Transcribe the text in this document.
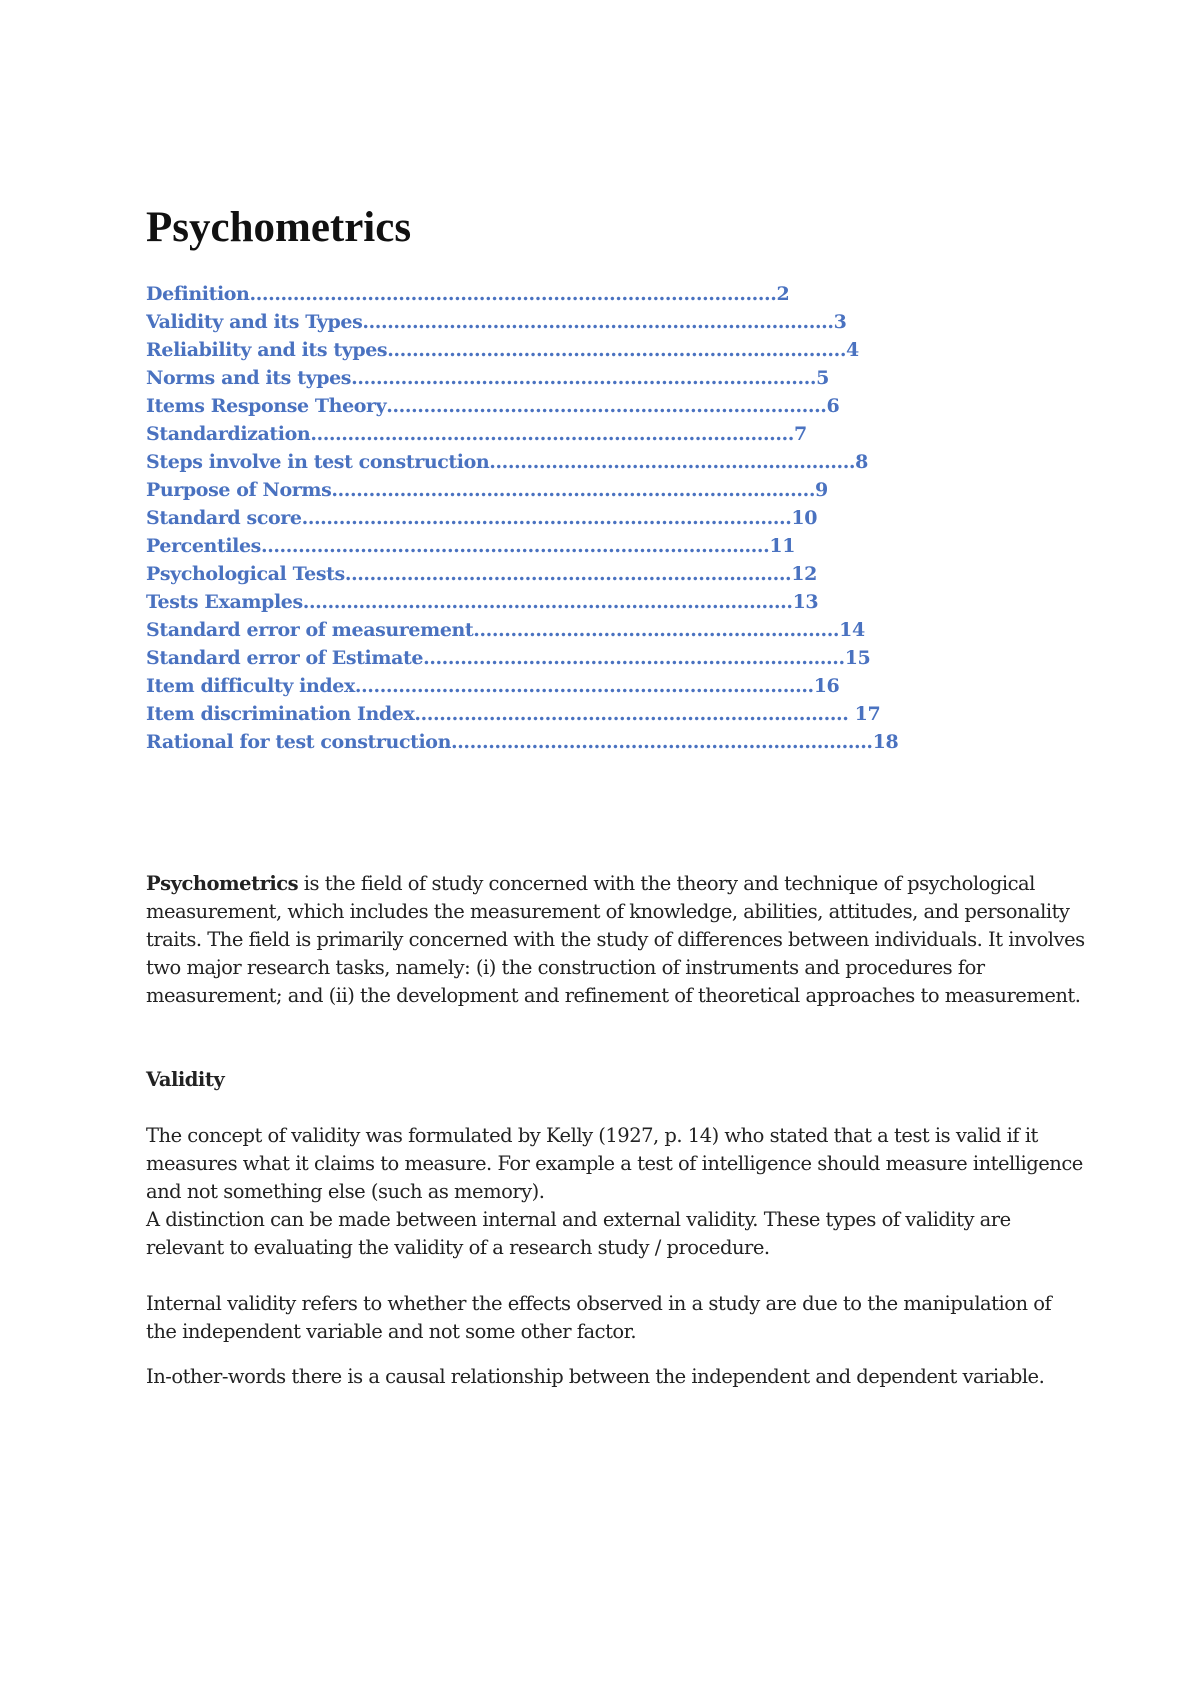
Psychometrics
Definition………………………………………………………………………….2
Validity and its Types………………………………………………………………….3
Reliability and its types………………………………………………………………..4
Norms and its types…………………………………………………………………5
Items Response Theory……………………………………………………………..6
Standardization……………………………………………………………………7
Steps involve in test construction…………………………………………………..8
Purpose of Norms…………………………………………………………………...9
Standard score…………………………………………………………………….10
Percentiles……………………………………………………………………….11
Psychological Tests……………………………………………………………...12
Tests Examples…………………………………………………………………….13
Standard error of measurement…………………………………………………..14
Standard error of Estimate…………………………………………………………..15
Item difficulty index………………………………………………………………..16
Item discrimination Index……………………………………………………………. 17
Rational for test construction…………………………………………………………..18

Psychometrics is the field of study concerned with the theory and technique of psychological measurement, which includes the measurement of knowledge, abilities, attitudes, and personality traits. The field is primarily concerned with the study of differences between individuals. It involves two major research tasks, namely: (i) the construction of instruments and procedures for measurement; and (ii) the development and refinement of theoretical approaches to measurement.

Validity

The concept of validity was formulated by Kelly (1927, p. 14) who stated that a test is valid if it measures what it claims to measure. For example a test of intelligence should measure intelligence and not something else (such as memory).

A distinction can be made between internal and external validity. These types of validity are relevant to evaluating the validity of a research study / procedure.

Internal validity refers to whether the effects observed in a study are due to the manipulation of the independent variable and not some other factor.

In-other-words there is a causal relationship between the independent and dependent variable.
